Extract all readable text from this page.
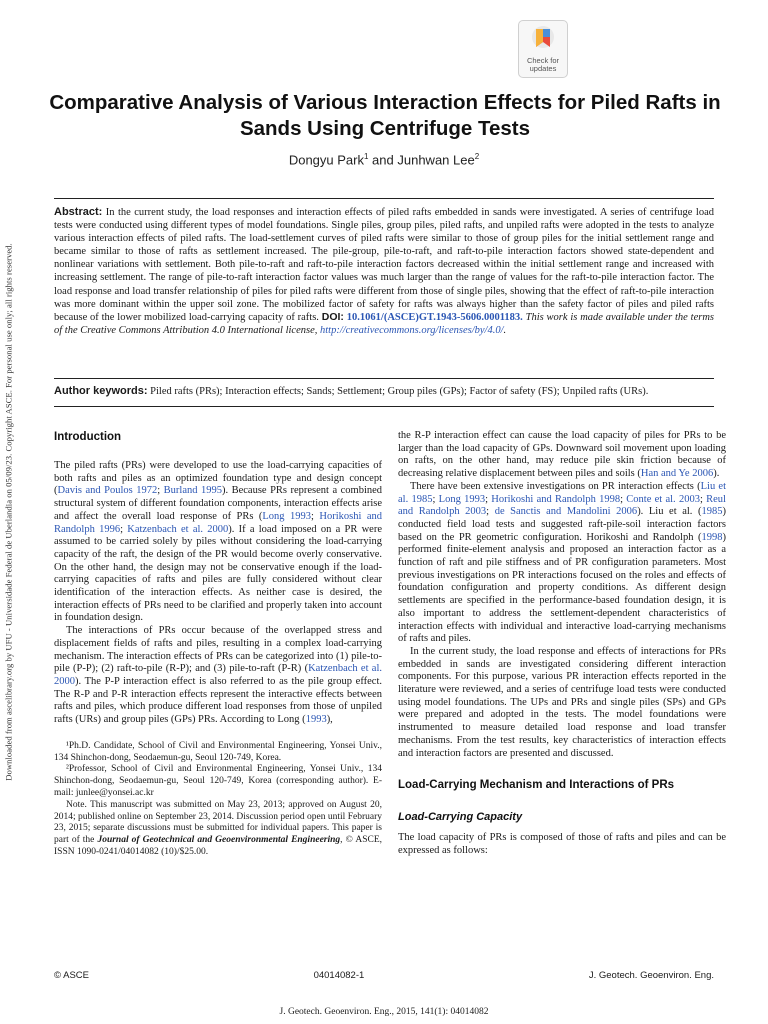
Downloaded from ascelibrary.org by UFU - Universidade Federal de Uberlandia on 05/09/23. Copyright ASCE. For personal use only; all rights reserved.
Check for
updates
Comparative Analysis of Various Interaction Effects for Piled Rafts in Sands Using Centrifuge Tests
Dongyu Park$^1$ and Junhwan Lee$^2$
Abstract: In the current study, the load responses and interaction effects of piled rafts embedded in sands were investigated. A series of centrifuge load tests were conducted using different types of model foundations. Single piles, group piles, piled rafts, and unpiled rafts were adopted in the tests to analyze various interaction effects of piled rafts. The load-settlement curves of piled rafts were similar to those of group piles for the initial settlement range and became similar to those of rafts as settlement increased. The pile-group, pile-to-raft, and raft-to-pile interaction factors showed state-dependent and nonlinear variations with settlement. Both pile-to-raft and raft-to-pile interaction factors decreased within the initial settlement range and increased with increasing settlement. The range of pile-to-raft interaction factor values was much larger than the range of values for the raft-to-pile interaction factor. The load response and load transfer relationship of piles for piled rafts were different from those of single piles, showing that the effect of raft-to-pile interaction was more dominant within the upper soil zone. The mobilized factor of safety for rafts was always higher than the safety factor of piles and piled rafts because of the lower mobilized load-carrying capacity of rafts. DOI: 10.1061/(ASCE)GT.1943-5606.0001183. This work is made available under the terms of the Creative Commons Attribution 4.0 International license, http://creativecommons.org/licenses/by/4.0/.
Author keywords: Piled rafts (PRs); Interaction effects; Sands; Settlement; Group piles (GPs); Factor of safety (FS); Unpiled rafts (URs).
Introduction

The piled rafts (PRs) were developed to use the load-carrying capacities of both rafts and piles as an optimized foundation type and design concept (Davis and Poulos 1972; Burland 1995). Because PRs represent a combined structural system of different foundation components, interaction effects arise and affect the overall load response of PRs (Long 1993; Horikoshi and Randolph 1996; Katzenbach et al. 2000). If a load imposed on a PR were assumed to be carried solely by piles without considering the load-carrying capacity of the raft, the design of the PR would become overly conservative. On the other hand, the design may not be conservative enough if the load-carrying capacities of rafts and piles are fully considered without clear identification of the interaction effects. As neither case is desired, the interaction effects of PRs need to be clarified and properly taken into account in foundation design.

The interactions of PRs occur because of the overlapped stress and displacement fields of rafts and piles, resulting in a complex load-carrying mechanism. The interaction effects of PRs can be categorized into (1) pile-to-pile (P-P); (2) raft-to-pile (R-P); and (3) pile-to-raft (P-R) (Katzenbach et al. 2000). The P-P interaction effect is also referred to as the pile group effect. The R-P and P-R interaction effects represent the interactive effects between rafts and piles, which produce different load responses from those of unpiled rafts (URs) and group piles (GPs) PRs. According to Long (1993),

¹Ph.D. Candidate, School of Civil and Environmental Engineering, Yonsei Univ., 134 Shinchon-dong, Seodaemun-gu, Seoul 120-749, Korea.

²Professor, School of Civil and Environmental Engineering, Yonsei Univ., 134 Shinchon-dong, Seodaemun-gu, Seoul 120-749, Korea (corresponding author). E-mail: junlee@yonsei.ac.kr

Note. This manuscript was submitted on May 23, 2013; approved on August 20, 2014; published online on September 23, 2014. Discussion period open until February 23, 2015; separate discussions must be submitted for individual papers. This paper is part of the Journal of Geotechnical and Geoenvironmental Engineering, © ASCE, ISSN 1090-0241/04014082 (10)/$25.00.

the R-P interaction effect can cause the load capacity of piles for PRs to be larger than the load capacity of GPs. Downward soil movement upon loading on rafts, on the other hand, may reduce pile skin friction because of decreasing relative displacement between piles and soils (Han and Ye 2006).

There have been extensive investigations on PR interaction effects (Liu et al. 1985; Long 1993; Horikoshi and Randolph 1998; Conte et al. 2003; Reul and Randolph 2003; de Sanctis and Mandolini 2006). Liu et al. (1985) conducted field load tests and suggested raft-pile-soil interaction factors based on the PR geometric configuration. Horikoshi and Randolph (1998) performed finite-element analysis and proposed an interaction factor as a function of raft and pile stiffness and of PR configuration parameters. Most previous investigations on PR interactions focused on the roles and effects of foundation configuration and property conditions. As different design settlements are specified in the performance-based foundation design, it is also important to address the settlement-dependent characteristics of interaction effects with individual and interactive load-carrying mechanisms of rafts and piles.

In the current study, the load response and effects of interactions for PRs embedded in sands are investigated considering different interaction components. For this purpose, various PR interaction effects reported in the literature were reviewed, and a series of centrifuge load tests were conducted using model foundations. The UPs and PRs and single piles (SPs) and GPs were prepared and adopted in the tests. The model foundations were instrumented to measure detailed load response and load transfer mechanisms. From the test results, key characteristics of interaction effects and interaction factors are presented and discussed.

Load-Carrying Mechanism and Interactions of PRs
Load-Carrying Capacity

The load capacity of PRs is composed of those of rafts and piles and can be expressed as follows:

© ASCE	04014082-1	J. Geotech. Geoenviron. Eng.
J. Geotech. Geoenviron. Eng., 2015, 141(1): 04014082
